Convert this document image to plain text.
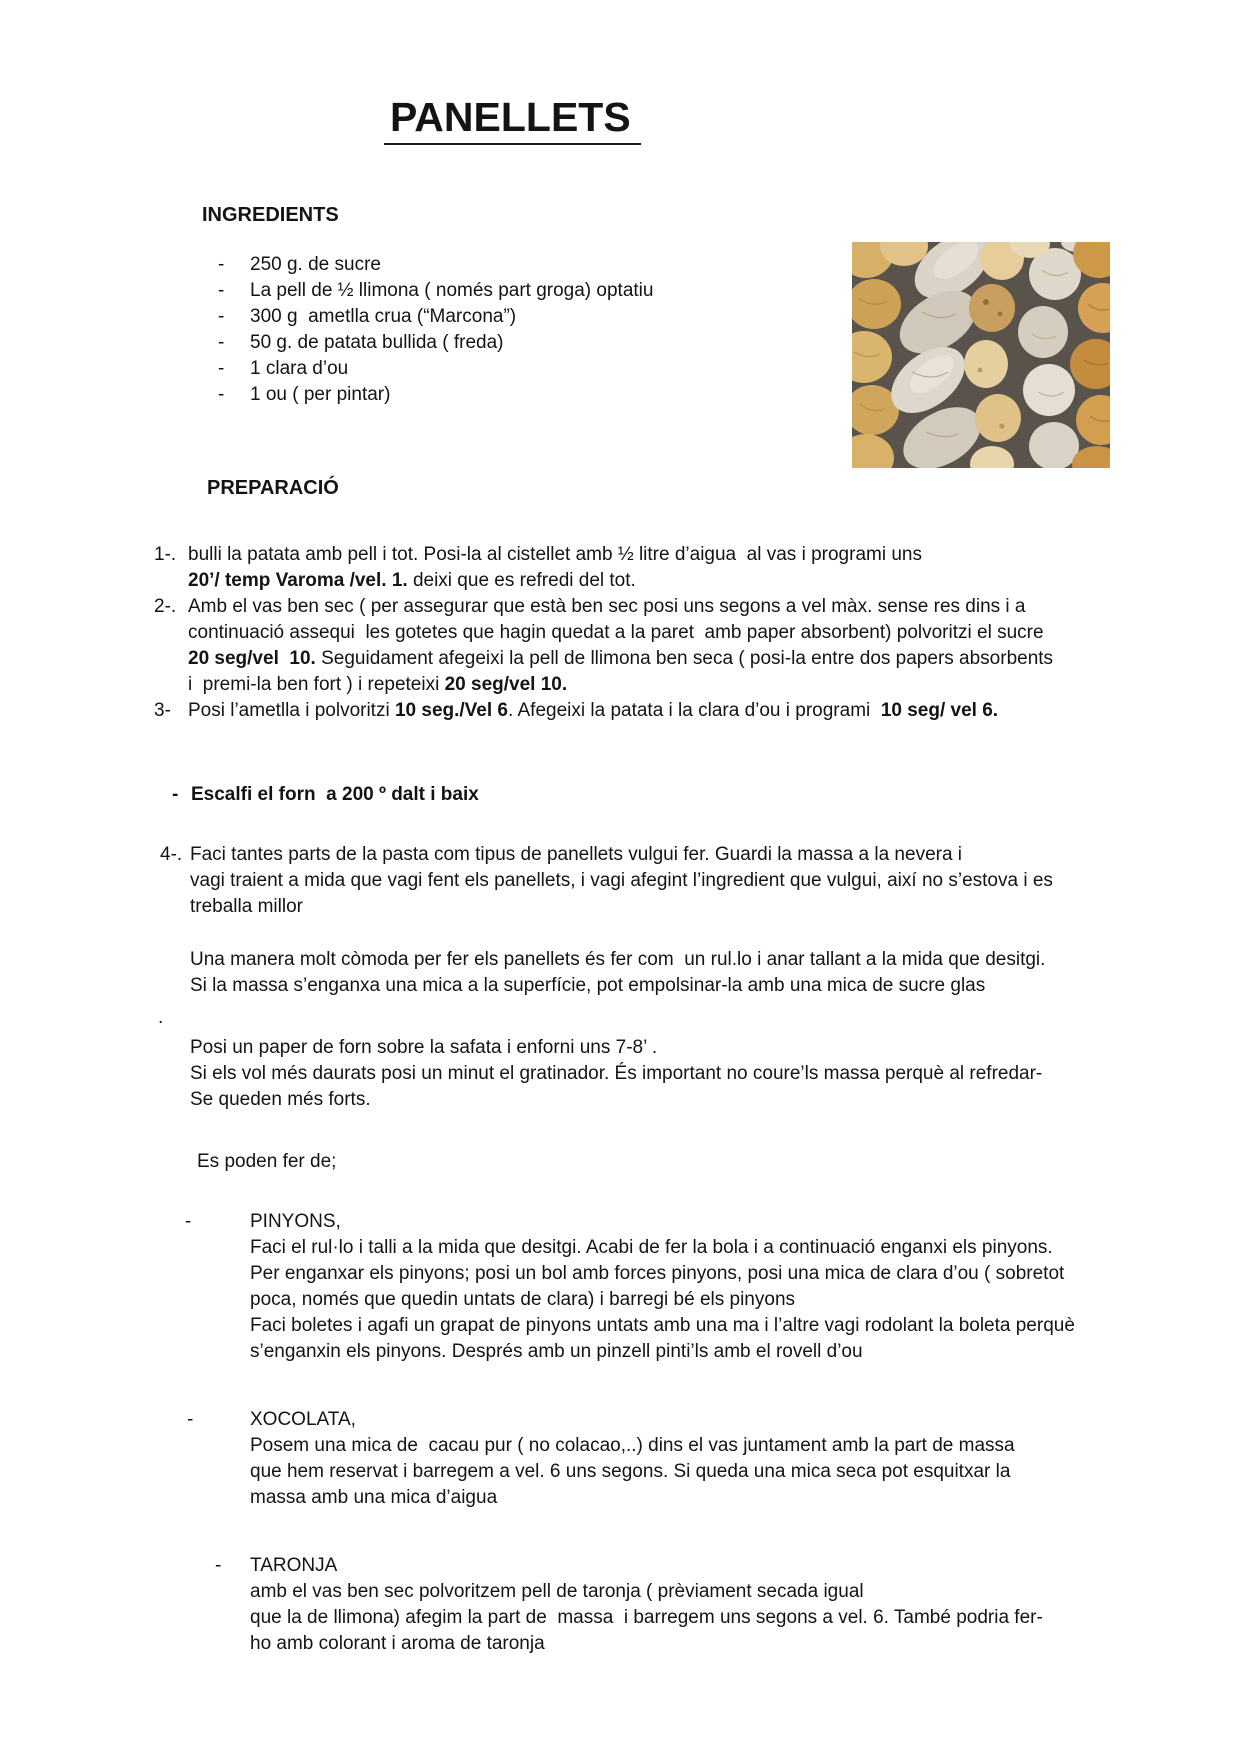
PANELLETS
INGREDIENTS
-	250 g. de sucre
-	La pell de ½ llimona ( només part groga) optatiu
-	300 g  ametlla crua (“Marcona”)
-	50 g. de patata bullida ( freda)
-	1 clara d’ou
-	1 ou ( per pintar)
PREPARACIÓ
1-. bulli la patata amb pell i tot. Posi-la al cistellet amb ½ litre d’aigua  al vas i programi uns
20’/ temp Varoma /vel. 1. deixi que es refredi del tot.
2-. Amb el vas ben sec ( per assegurar que està ben sec posi uns segons a vel màx. sense res dins i a
continuació assequi  les gotetes que hagin quedat a la paret  amb paper absorbent) polvoritzi el sucre
20 seg/vel  10. Seguidament afegeixi la pell de llimona ben seca ( posi-la entre dos papers absorbents
i  premi-la ben fort ) i repeteixi 20 seg/vel 10.
3- Posi l’ametlla i polvoritzi 10 seg./Vel 6. Afegeixi la patata i la clara d’ou i programi  10 seg/ vel 6.
- Escalfi el forn  a 200 º dalt i baix
4-. Faci tantes parts de la pasta com tipus de panellets vulgui fer. Guardi la massa a la nevera i
vagi traient a mida que vagi fent els panellets, i vagi afegint l’ingredient que vulgui, així no s’estova i es
treballa millor
Una manera molt còmoda per fer els panellets és fer com  un rul.lo i anar tallant a la mida que desitgi.
Si la massa s’enganxa una mica a la superfície, pot empolsinar-la amb una mica de sucre glas
.
Posi un paper de forn sobre la safata i enforni uns 7-8’ .
Si els vol més daurats posi un minut el gratinador. És important no coure’ls massa perquè al refredar-
Se queden més forts.
Es poden fer de;
-	PINYONS,
Faci el rul·lo i talli a la mida que desitgi. Acabi de fer la bola i a continuació enganxi els pinyons.
Per enganxar els pinyons; posi un bol amb forces pinyons, posi una mica de clara d’ou ( sobretot
poca, només que quedin untats de clara) i barregi bé els pinyons
Faci boletes i agafi un grapat de pinyons untats amb una ma i l’altre vagi rodolant la boleta perquè
s’enganxin els pinyons. Després amb un pinzell pinti’ls amb el rovell d’ou
-	XOCOLATA,
Posem una mica de  cacau pur ( no colacao,..) dins el vas juntament amb la part de massa
que hem reservat i barregem a vel. 6 uns segons. Si queda una mica seca pot esquitxar la
massa amb una mica d’aigua
-	TARONJA
amb el vas ben sec polvoritzem pell de taronja ( prèviament secada igual
que la de llimona) afegim la part de  massa  i barregem uns segons a vel. 6. També podria fer-
ho amb colorant i aroma de taronja
